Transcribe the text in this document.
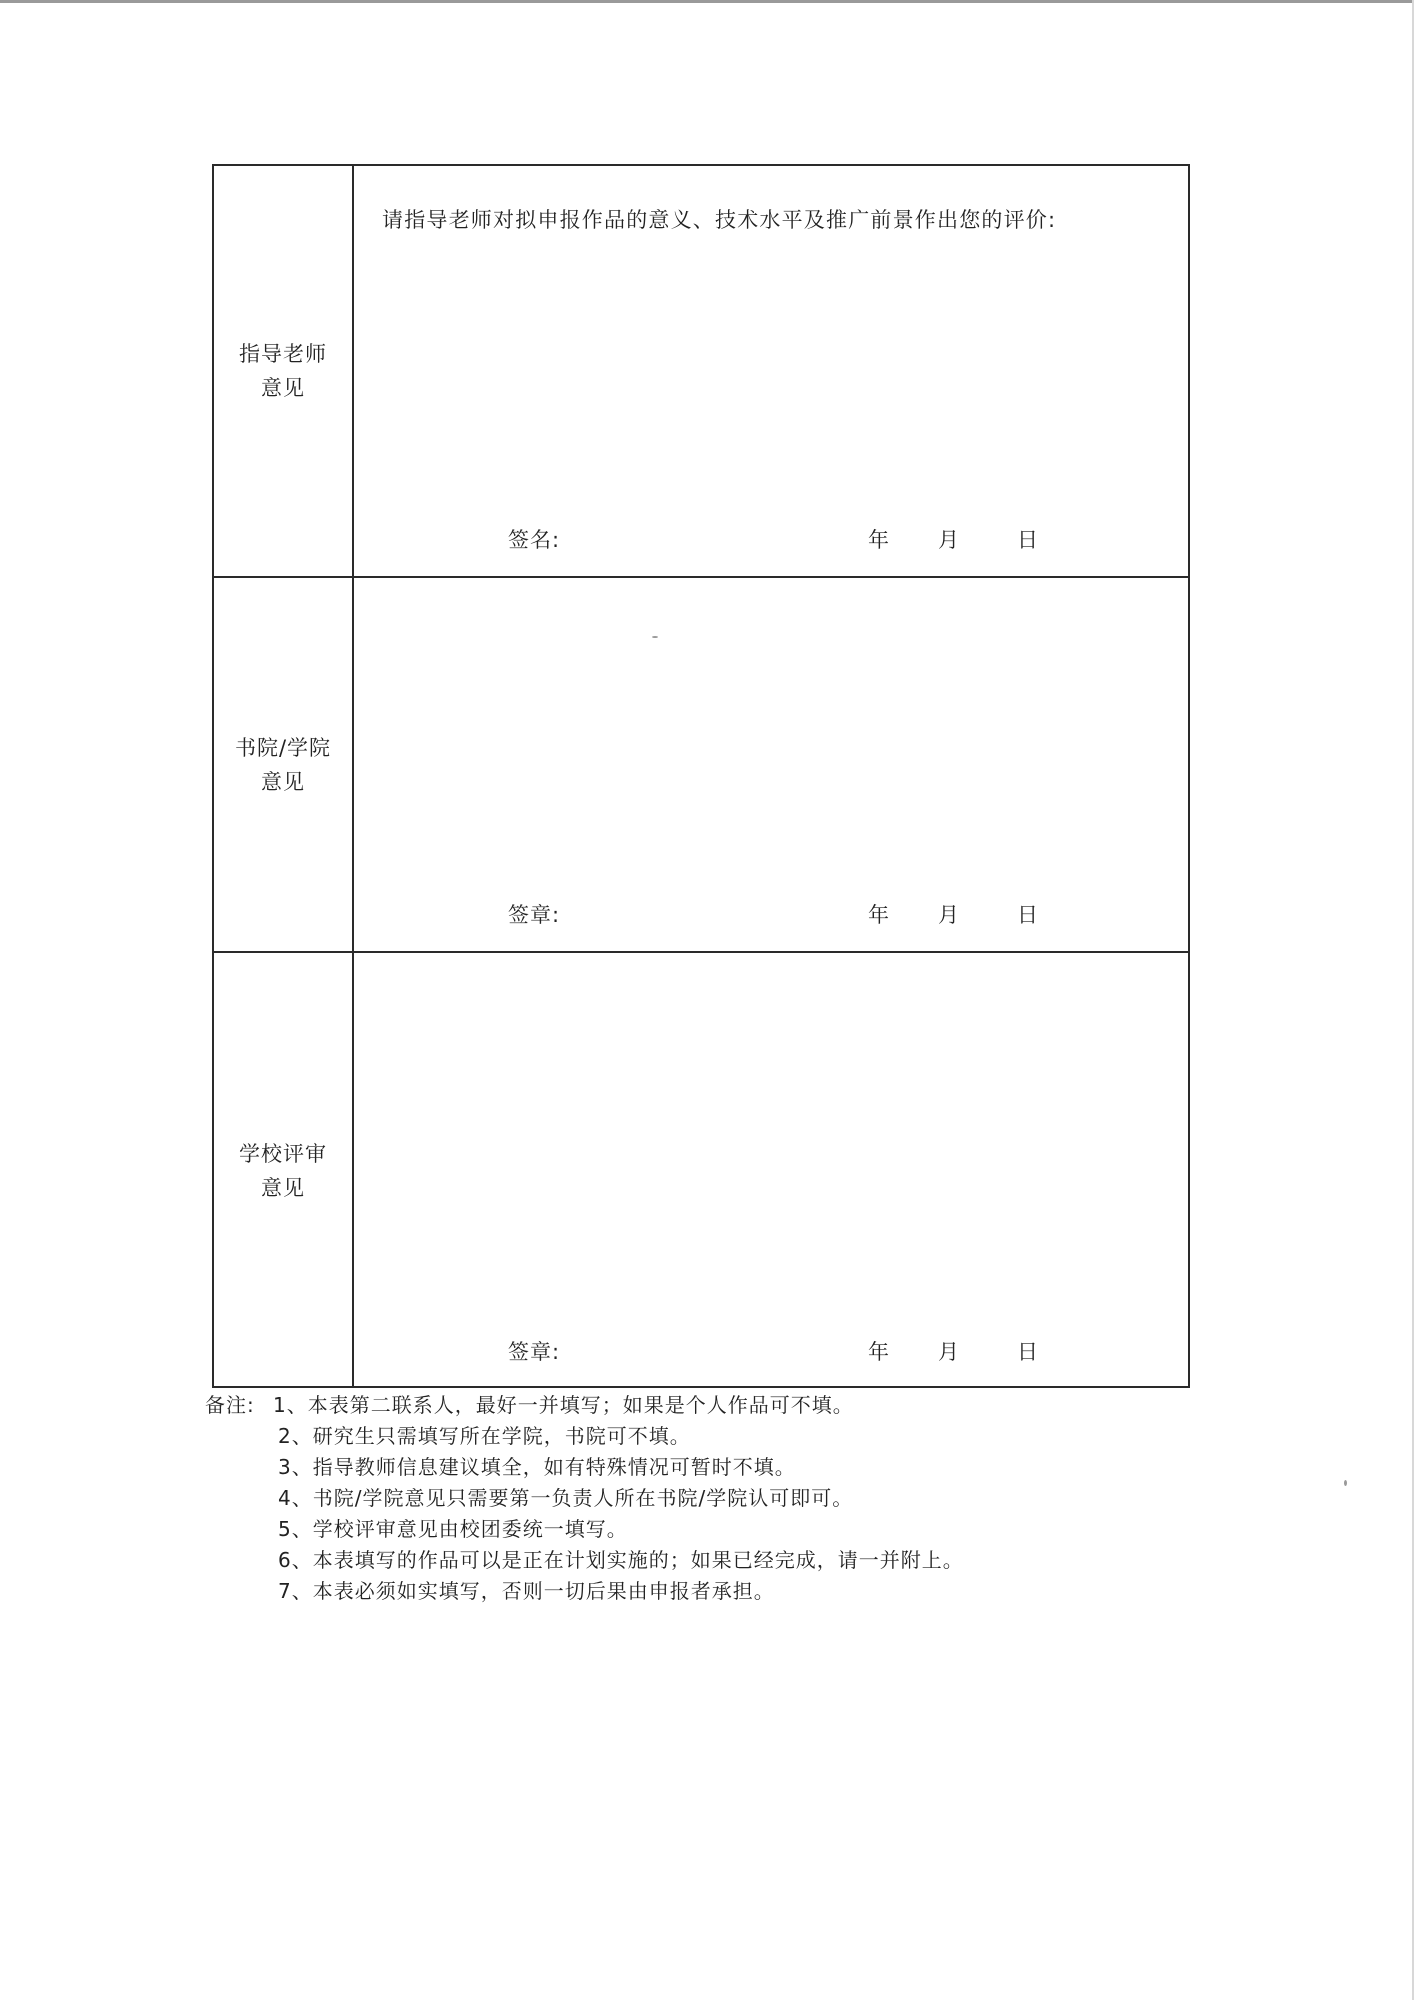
指导老师
意见
请指导老师对拟申报作品的意义、技术水平及推广前景作出您的评价:
签名:	年 月	日
书院/学院
意见
签章:	年 月	日
学校评审
意见
签章:	年 月	日
备注: 1、本表第二联系人，最好一并填写；如果是个人作品可不填。
2、研究生只需填写所在学院，书院可不填。
3、指导教师信息建议填全，如有特殊情况可暂时不填。
4、书院/学院意见只需要第一负责人所在书院/学院认可即可。
5、学校评审意见由校团委统一填写。
6、本表填写的作品可以是正在计划实施的；如果已经完成，请一并附上。
7、本表必须如实填写，否则一切后果由申报者承担。
